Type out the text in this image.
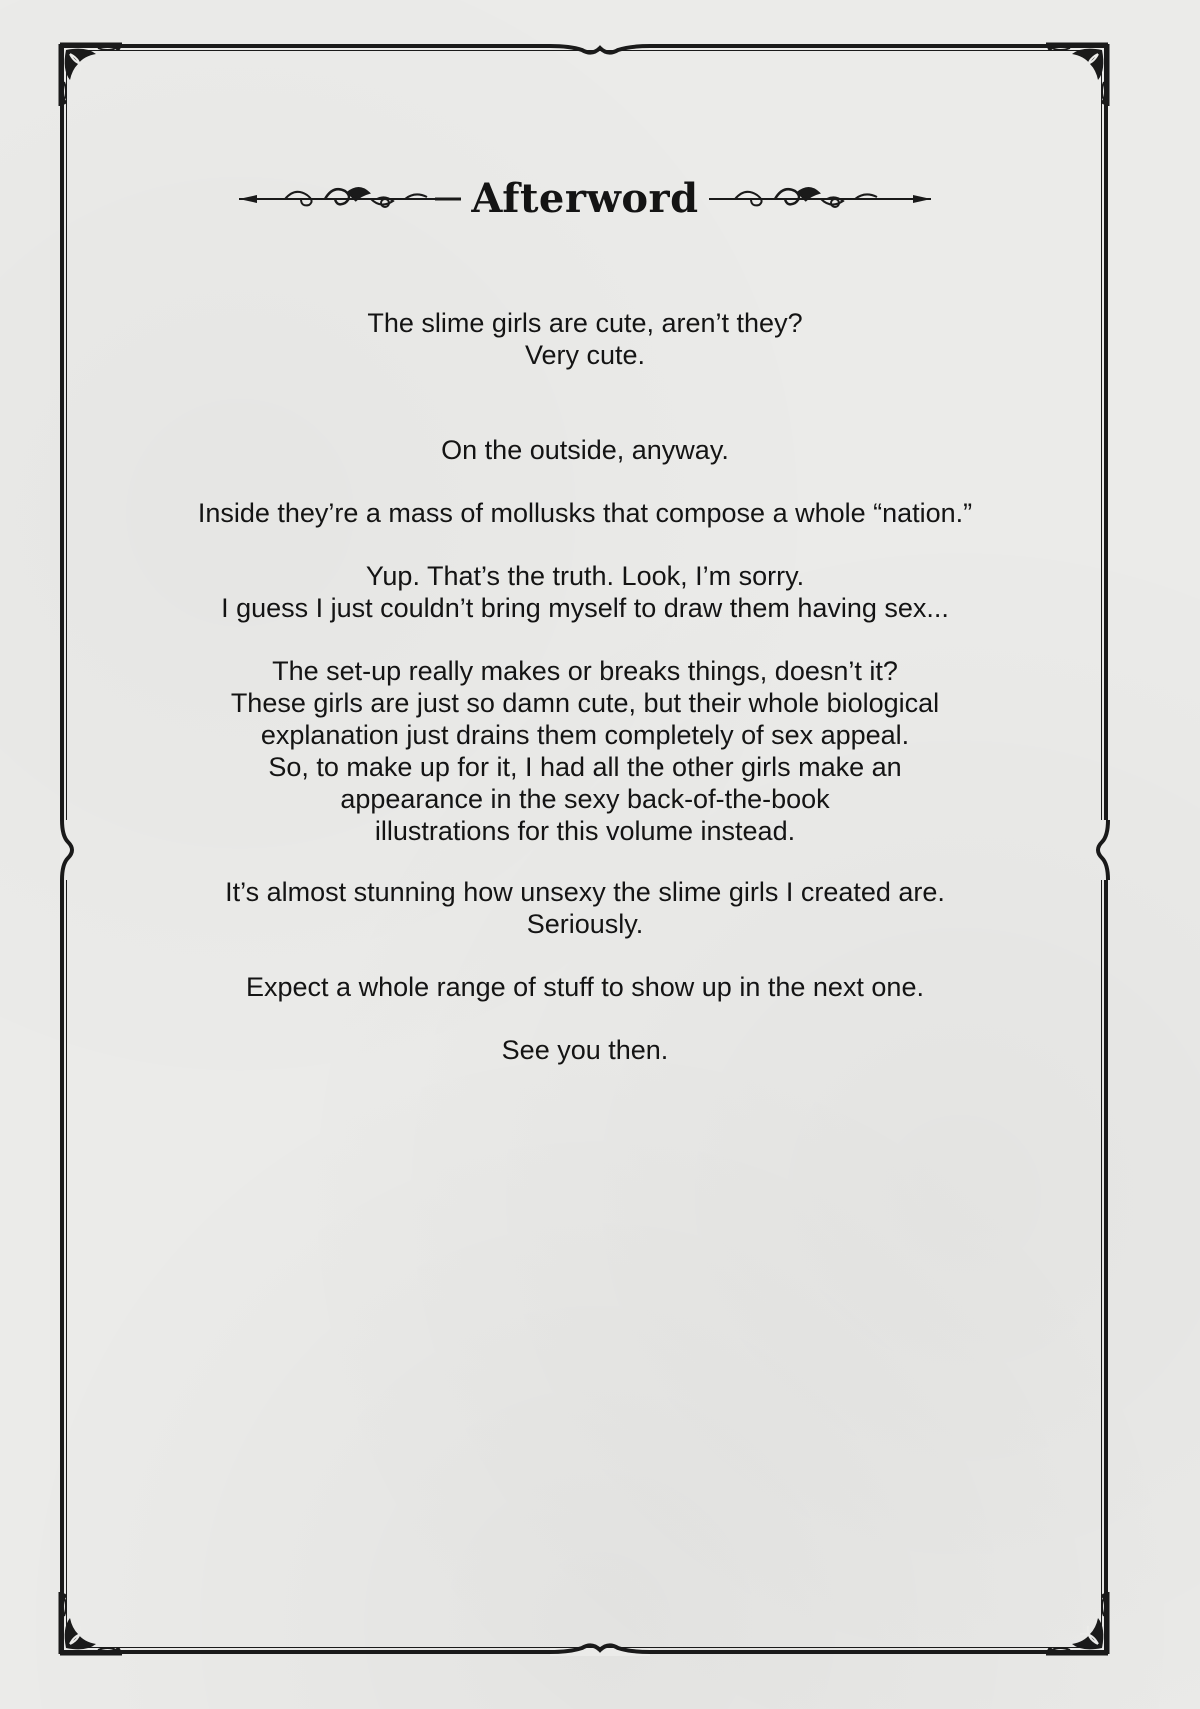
Afterword
The slime girls are cute, aren’t they?
Very cute.
On the outside, anyway.
Inside they’re a mass of mollusks that compose a whole “nation.”
Yup. That’s the truth. Look, I’m sorry.
I guess I just couldn’t bring myself to draw them having sex...
The set-up really makes or breaks things, doesn’t it?
These girls are just so damn cute, but their whole biological
explanation just drains them completely of sex appeal.
So, to make up for it, I had all the other girls make an
appearance in the sexy back-of-the-book
illustrations for this volume instead.
It’s almost stunning how unsexy the slime girls I created are.
Seriously.
Expect a whole range of stuff to show up in the next one.
See you then.
